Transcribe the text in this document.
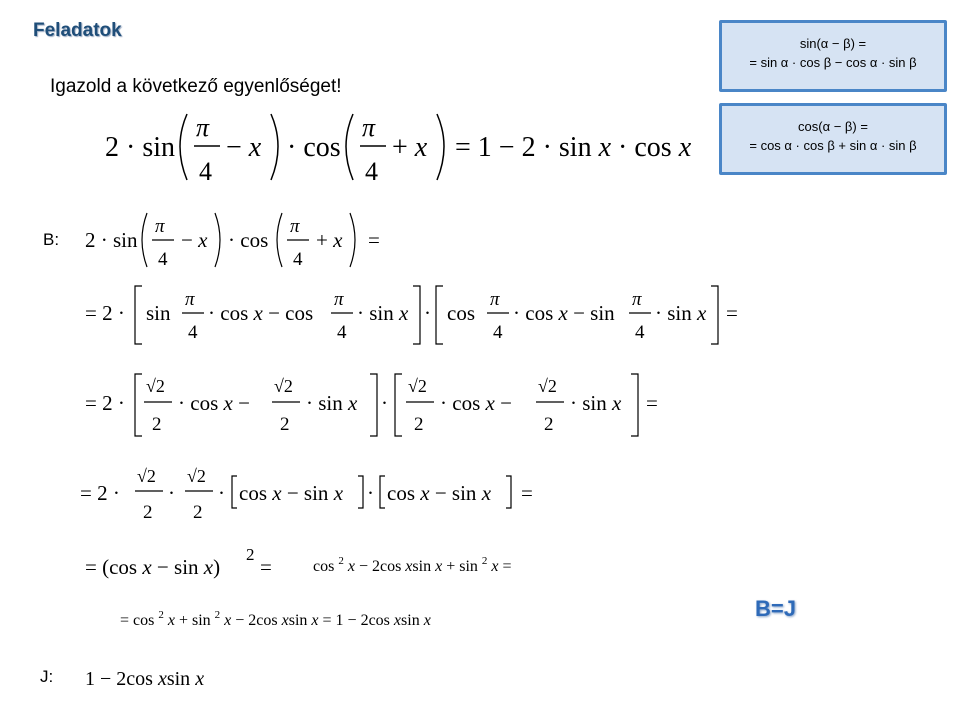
Feladatok
Igazold a következő egyenlőséget!
sin(α − β) =
= sin α · cos β − cos α · sin β
cos(α − β) =
= cos α · cos β + sin α · sin β
B:
J:
B=J
2 · sin
π
4
− x · cos
π
4
+ x = 1 − 2 · sin x · cos x
2 · sin
π
4
− x · cos
π
4
+ x =
= 2 · sin
π
4
· cos x − cos
π
4
· sin x · cos
π
4
· cos x − sin
π
4
· sin x =
= 2 ·
√2
2
· cos x −
√2
2
· sin x ·
√2
2
· cos x −
√2
2
· sin x =
= 2 ·
√2
2
·
√2
2
· cos x − sin x · cos x − sin x =
= (cos x − sin x)
2
=	cos $^2$ x − 2cos xsin x + sin $^2$ x =
= cos $^2$ x + sin $^2$ x − 2cos xsin x = 1 − 2cos xsin x
1 − 2cos xsin x
